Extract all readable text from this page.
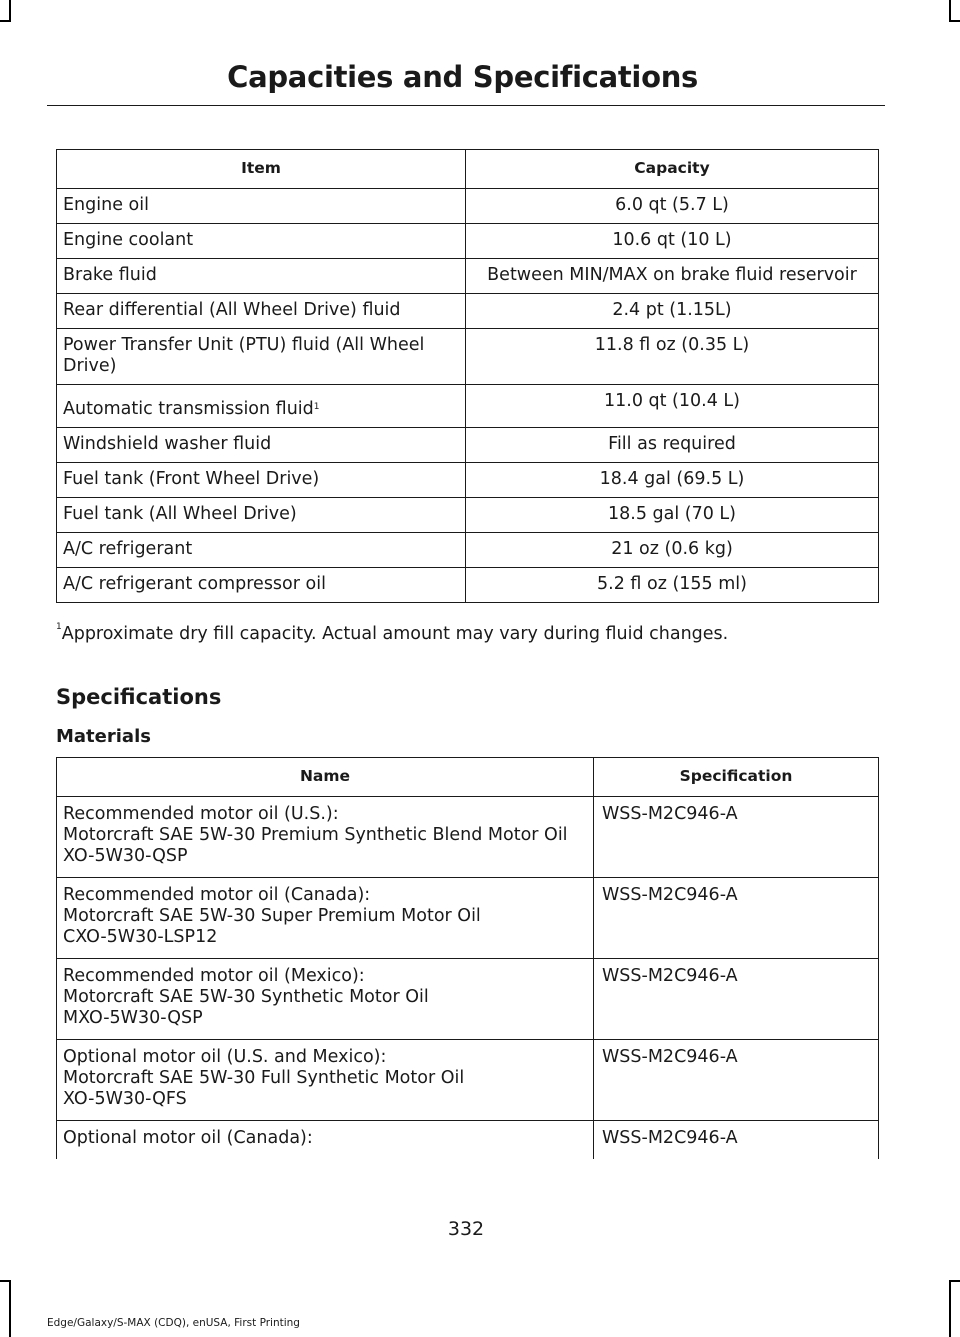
Capacities and Specifications
Item	Capacity
Engine oil	6.0 qt (5.7 L)
Engine coolant	10.6 qt (10 L)
Brake fluid	Between MIN/MAX on brake fluid reservoir
Rear differential (All Wheel Drive) fluid	2.4 pt (1.15L)
Power Transfer Unit (PTU) fluid (All Wheel Drive)	11.8 fl oz (0.35 L)
Automatic transmission fluid$^1$	11.0 qt (10.4 L)
Windshield washer fluid	Fill as required
Fuel tank (Front Wheel Drive)	18.4 gal (69.5 L)
Fuel tank (All Wheel Drive)	18.5 gal (70 L)
A/C refrigerant	21 oz (0.6 kg)
A/C refrigerant compressor oil	5.2 fl oz (155 ml)
$^1$Approximate dry fill capacity. Actual amount may vary during fluid changes.
Specifications
Materials
Name	Specification

Recommended motor oil (U.S.):
Motorcraft SAE 5W-30 Premium Synthetic Blend Motor Oil
XO-5W30-QSP	WSS-M2C946-A

Recommended motor oil (Canada):
Motorcraft SAE 5W-30 Super Premium Motor Oil
CXO-5W30-LSP12	WSS-M2C946-A

Recommended motor oil (Mexico):
Motorcraft SAE 5W-30 Synthetic Motor Oil
MXO-5W30-QSP	WSS-M2C946-A

Optional motor oil (U.S. and Mexico):
Motorcraft SAE 5W-30 Full Synthetic Motor Oil
XO-5W30-QFS	WSS-M2C946-A

Optional motor oil (Canada):	WSS-M2C946-A
332
Edge/Galaxy/S-MAX (CDQ), enUSA, First Printing
